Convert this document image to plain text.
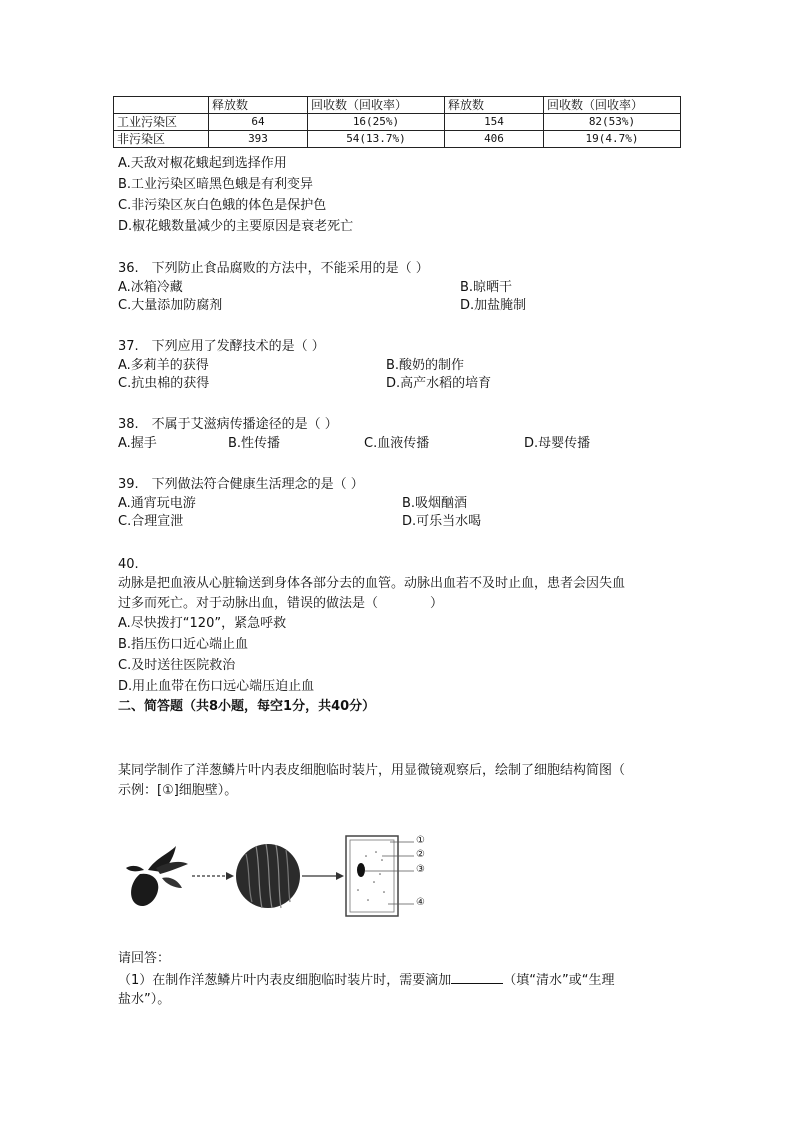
	释放数	回收数（回收率）	释放数	回收数（回收率）
工业污染区	64	16(25%)	154	82(53%)
非污染区	393	54(13.7%)	406	19(4.7%)
A.天敌对椒花蛾起到选择作用
B.工业污染区暗黑色蛾是有利变异
C.非污染区灰白色蛾的体色是保护色
D.椒花蛾数量减少的主要原因是衰老死亡
36.　下列防止食品腐败的方法中，不能采用的是（ ）
A.冰箱冷藏	B.晾晒干
C.大量添加防腐剂	D.加盐腌制
37.　下列应用了发酵技术的是（ ）
A.多莉羊的获得	B.酸奶的制作
C.抗虫棉的获得	D.高产水稻的培育
38.　不属于艾滋病传播途径的是（ ）
A.握手	B.性传播	C.血液传播	D.母婴传播
39.　下列做法符合健康生活理念的是（ ）
A.通宵玩电游	B.吸烟酗酒
C.合理宣泄	D.可乐当水喝
40.
动脉是把血液从心脏输送到身体各部分去的血管。动脉出血若不及时止血，患者会因失血
过多而死亡。对于动脉出血，错误的做法是（　　　　）
A.尽快拨打“120”，紧急呼救
B.指压伤口近心端止血
C.及时送往医院救治
D.用止血带在伤口远心端压迫止血
二、简答题（共8小题，每空1分，共40分）
某同学制作了洋葱鳞片叶内表皮细胞临时装片，用显微镜观察后，绘制了细胞结构简图（
示例：[①]细胞壁）。
①
②
③
④
请回答：
（1）在制作洋葱鳞片叶内表皮细胞临时装片时，需要滴加	（填“清水”或“生理
盐水”）。
